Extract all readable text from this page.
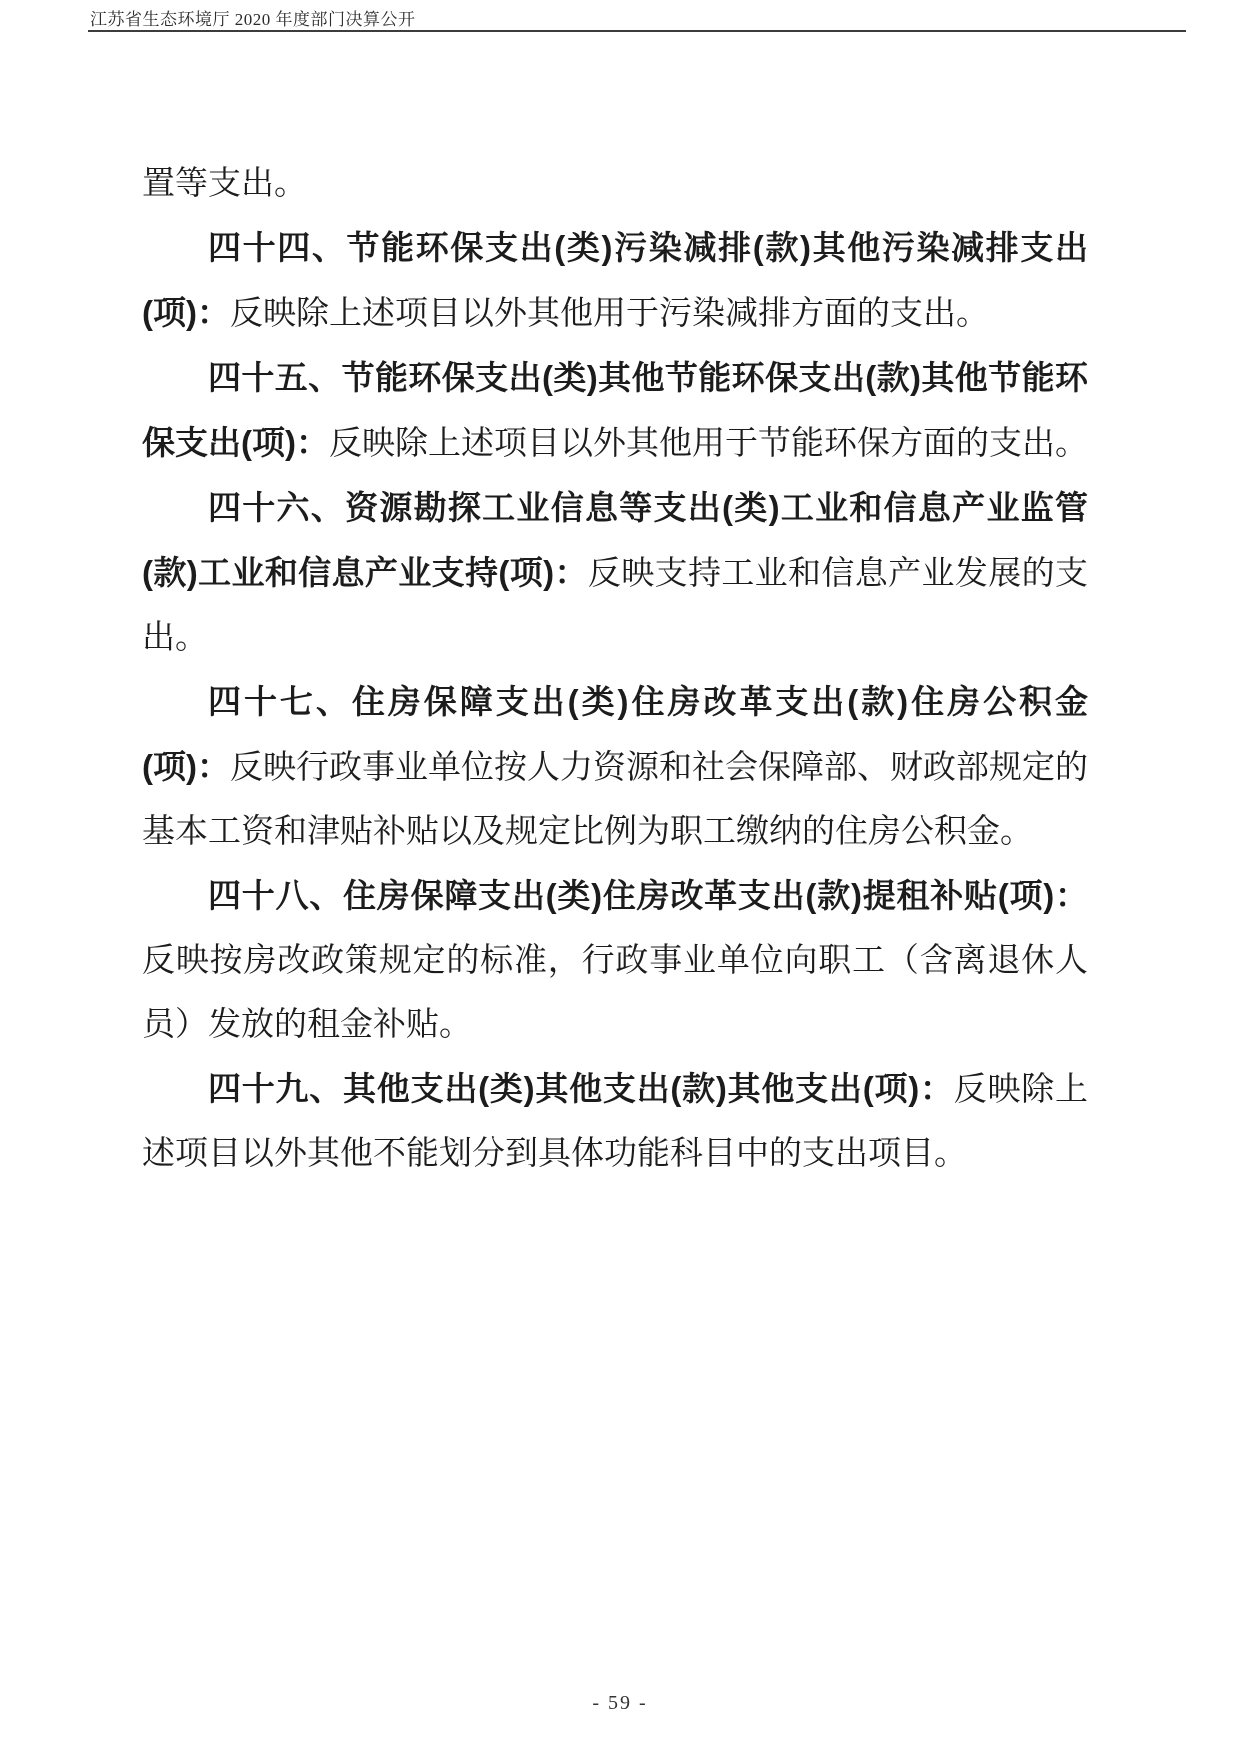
江苏省生态环境厅 2020 年度部门决算公开

置等支出。

四十四、节能环保支出(类)污染减排(款)其他污染减排支出(项)：反映除上述项目以外其他用于污染减排方面的支出。

四十五、节能环保支出(类)其他节能环保支出(款)其他节能环保支出(项)：反映除上述项目以外其他用于节能环保方面的支出。

四十六、资源勘探工业信息等支出(类)工业和信息产业监管(款)工业和信息产业支持(项)：反映支持工业和信息产业发展的支出。

四十七、住房保障支出(类)住房改革支出(款)住房公积金(项)：反映行政事业单位按人力资源和社会保障部、财政部规定的基本工资和津贴补贴以及规定比例为职工缴纳的住房公积金。

四十八、住房保障支出(类)住房改革支出(款)提租补贴(项)：反映按房改政策规定的标准，行政事业单位向职工（含离退休人员）发放的租金补贴。

四十九、其他支出(类)其他支出(款)其他支出(项)：反映除上述项目以外其他不能划分到具体功能科目中的支出项目。

- 59 -
